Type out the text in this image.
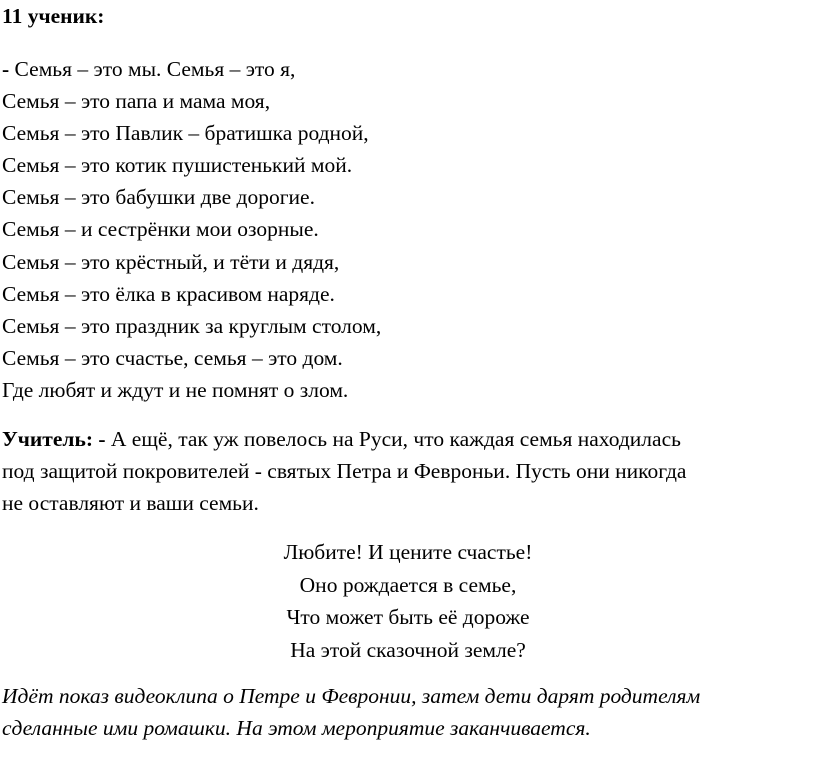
11 ученик:
- Семья – это мы. Семья – это я,
Семья – это папа и мама моя,
Семья – это Павлик – братишка родной,
Семья – это котик пушистенький мой.
Семья – это бабушки две дорогие.
Семья – и сестрёнки мои озорные.
Семья – это крёстный, и тёти и дядя,
Семья – это ёлка в красивом наряде.
Семья – это праздник за круглым столом,
Семья – это счастье, семья – это дом.
Где любят и ждут и не помнят о злом.
Учитель: - А ещё, так уж повелось на Руси, что каждая семья находилась
под защитой покровителей - святых Петра и Февроньи. Пусть они никогда
не оставляют и ваши семьи.
Любите! И цените счастье!
Оно рождается в семье,
Что может быть её дороже
На этой сказочной земле?
Идёт показ видеоклипа о Петре и Февронии, затем дети дарят родителям
сделанные ими ромашки. На этом мероприятие заканчивается.
